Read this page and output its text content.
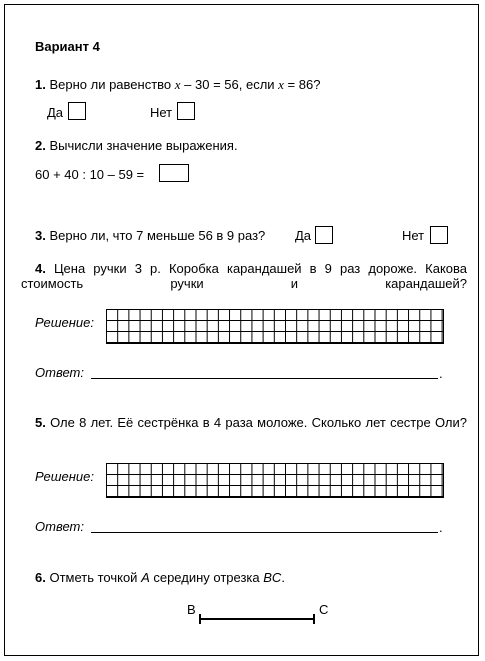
Вариант 4
1. Верно ли равенство x – 30 = 56, если x = 86?
Да	Нет
2. Вычисли значение выражения.
60 + 40 : 10 – 59 =
3. Верно ли, что 7 меньше 56 в 9 раз? Да	Нет
4. Цена ручки 3 р. Коробка карандашей в 9 раз дороже. Какова стоимость ручки и карандашей?
Решение:
Ответ:	.
5. Оле 8 лет. Её сестрёнка в 4 раза моложе. Сколько лет сестре Оли?
Решение:
Ответ:	.
6. Отметь точкой A середину отрезка BC.
B	C
